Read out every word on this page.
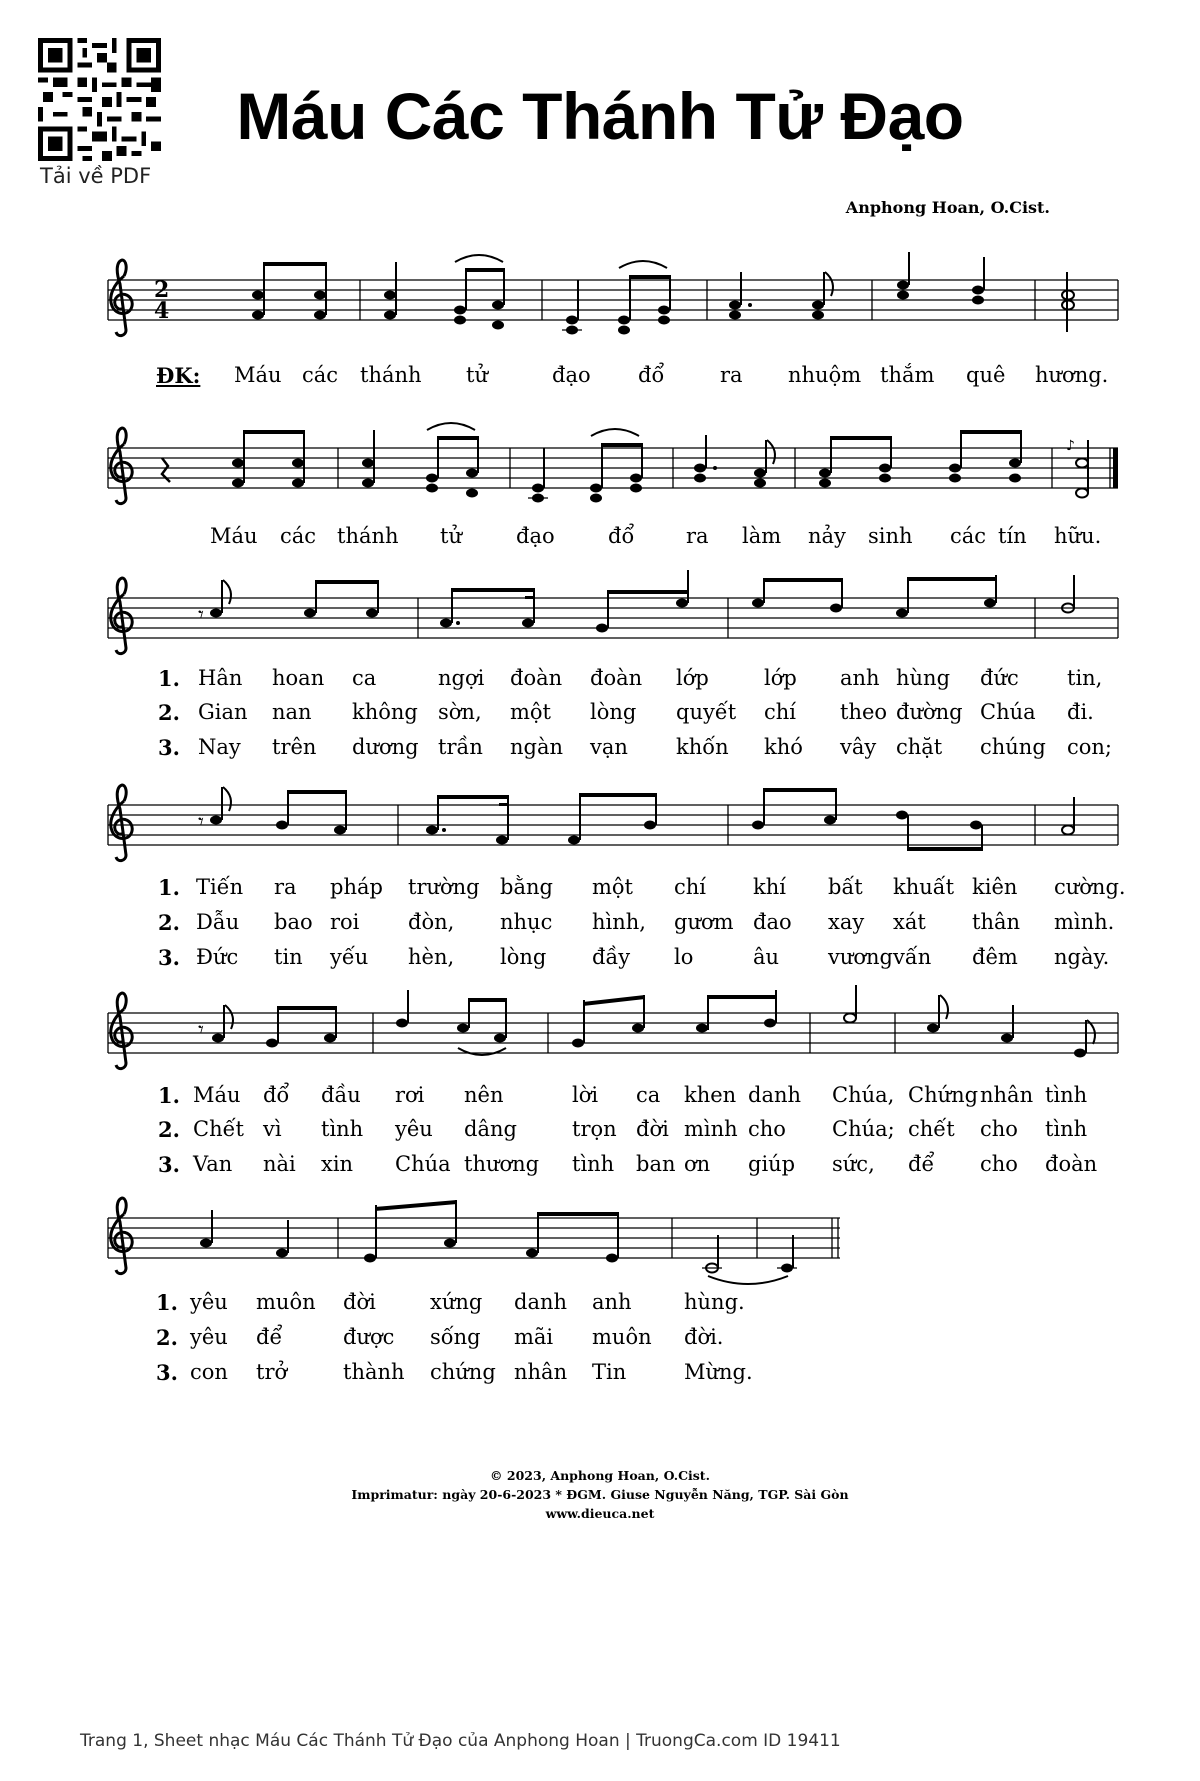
Tải về PDF
Máu Các Thánh Tử Đạo
Anphong Hoan, O.Cist.
2
4
♪
𝄾
𝄾
𝄾
ĐK: Máu các thánh tử	đạo đổ	ra nhuộm thắm quê hương.
Máu các thánh tử	đạo	đổ ra làm nảy sinh các tín hữu.
1. Hân hoan ca	ngợi đoàn đoàn lớp	lớp anh hùng đức tin,
2. Gian nan không sờn, một lòng quyết chí theo đường Chúa đi.
3. Nay trên dương trần ngàn vạn khốn khó vây chặt chúng con;
1. Tiến ra pháp trường bằng một chí khí bất khuất kiên cường.
2. Dẫu bao roi đòn, nhục hình, gươm đao xay xát thân mình.
3. Đức tin yếu hèn, lòng đầy lo	âu vương vấn đêm ngày.
1. Máu đổ đầu rơi nên	lời ca khen danh Chúa, Chứng nhân tình
2. Chết vì tình yêu dâng	trọn đời mình cho Chúa; chết cho tình
3. Van nài xin Chúa thương tình ban ơn giúp sức, để cho đoàn
1. yêu muôn đời	xứng danh anh hùng.
2. yêu để	được sống mãi muôn đời.
3. con trở	thành chứng nhân Tin	Mừng.
© 2023, Anphong Hoan, O.Cist.
Imprimatur: ngày 20-6-2023 * ĐGM. Giuse Nguyễn Năng, TGP. Sài Gòn
www.dieuca.net
Trang 1, Sheet nhạc Máu Các Thánh Tử Đạo của Anphong Hoan | TruongCa.com ID 19411
